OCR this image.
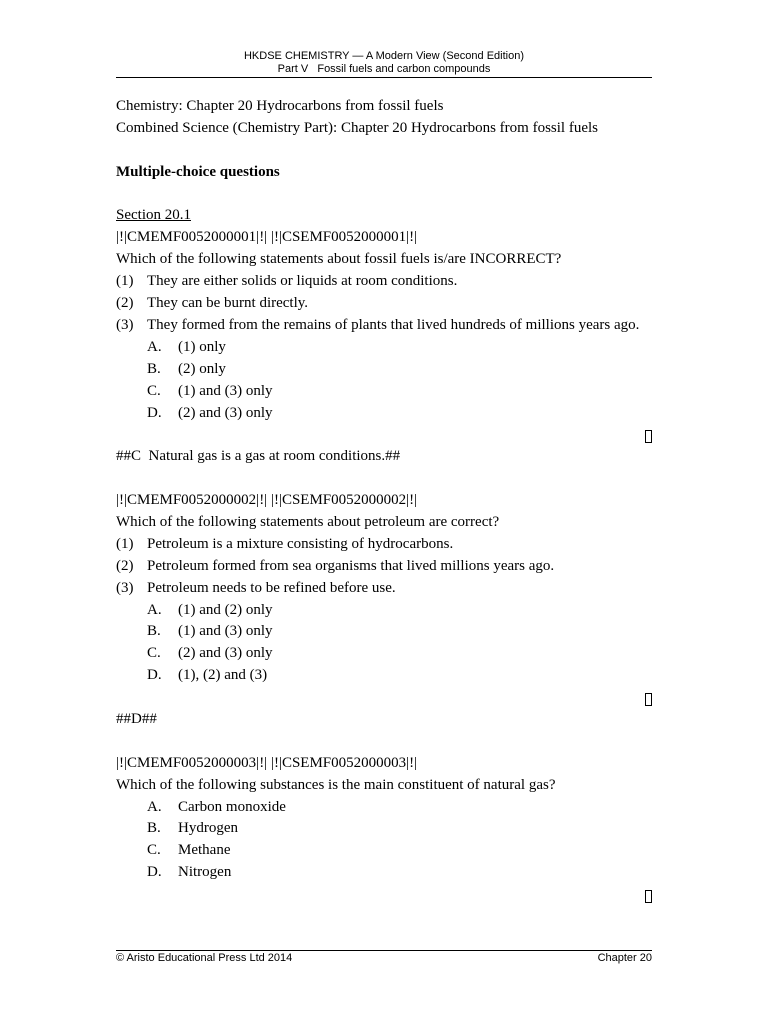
HKDSE CHEMISTRY — A Modern View (Second Edition)
Part V   Fossil fuels and carbon compounds
Chemistry: Chapter 20 Hydrocarbons from fossil fuels
Combined Science (Chemistry Part): Chapter 20 Hydrocarbons from fossil fuels
Multiple-choice questions
Section 20.1
|!|CMEMF0052000001|!| |!|CSEMF0052000001|!|
Which of the following statements about fossil fuels is/are INCORRECT?
(1) They are either solids or liquids at room conditions.
(2) They can be burnt directly.
(3) They formed from the remains of plants that lived hundreds of millions years ago.
A. (1) only
B. (2) only
C. (1) and (3) only
D. (2) and (3) only
##C  Natural gas is a gas at room conditions.##
|!|CMEMF0052000002|!| |!|CSEMF0052000002|!|
Which of the following statements about petroleum are correct?
(1) Petroleum is a mixture consisting of hydrocarbons.
(2) Petroleum formed from sea organisms that lived millions years ago.
(3) Petroleum needs to be refined before use.
A. (1) and (2) only
B. (1) and (3) only
C. (2) and (3) only
D. (1), (2) and (3)
##D##
|!|CMEMF0052000003|!| |!|CSEMF0052000003|!|
Which of the following substances is the main constituent of natural gas?
A. Carbon monoxide
B. Hydrogen
C. Methane
D. Nitrogen
© Aristo Educational Press Ltd 2014	Chapter 20
